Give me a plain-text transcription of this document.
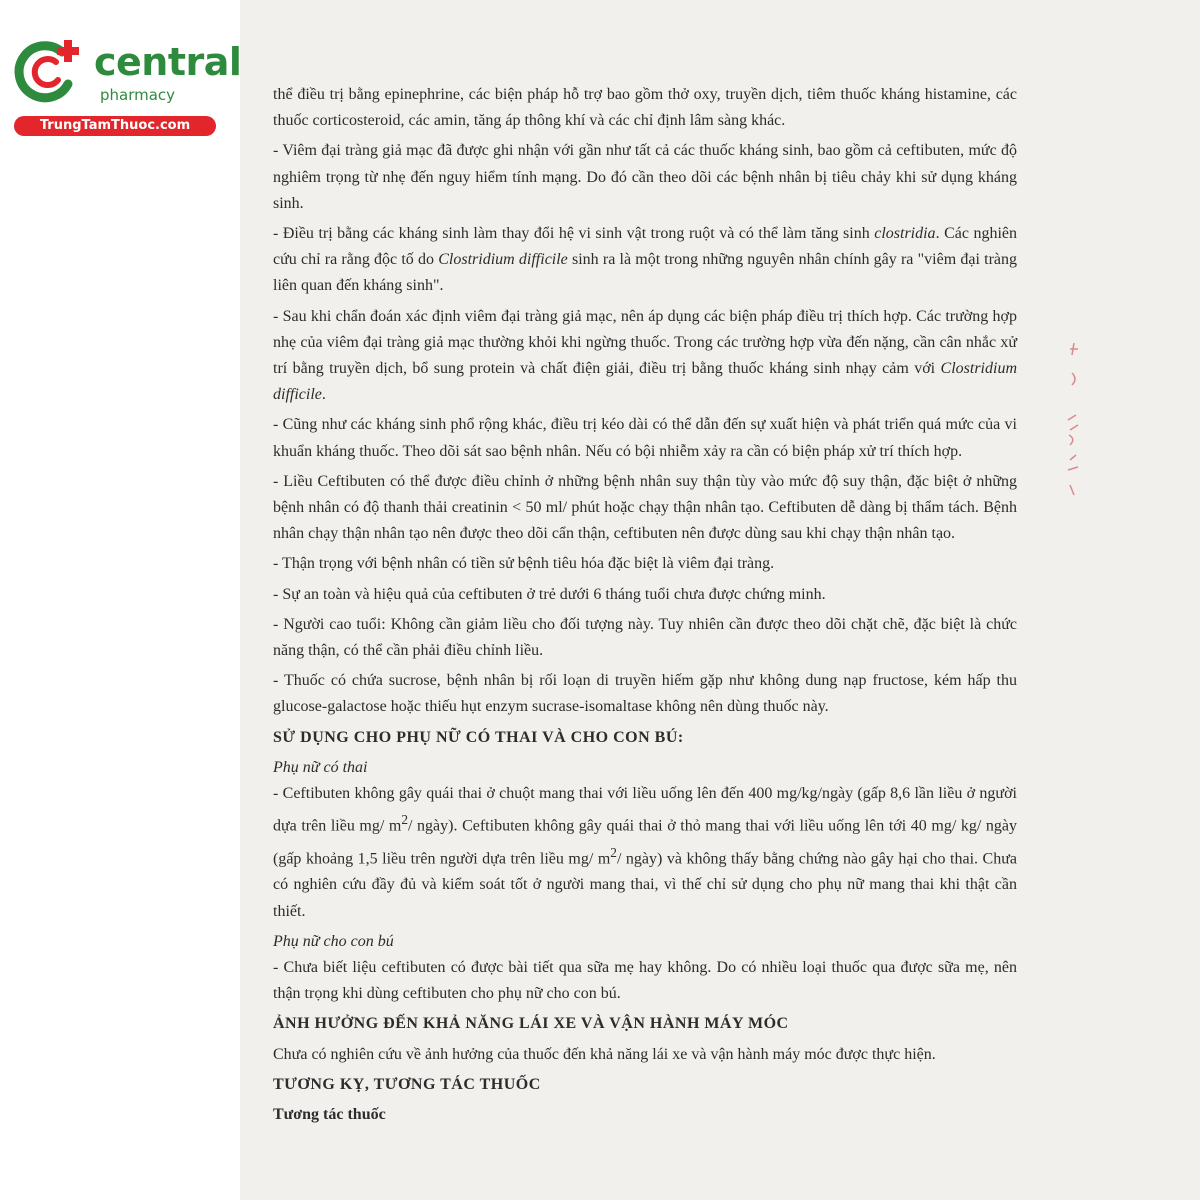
central
pharmacy
TrungTamThuoc.com

thể điều trị bằng epinephrine, các biện pháp hỗ trợ bao gồm thở oxy, truyền dịch, tiêm thuốc kháng histamine, các thuốc corticosteroid, các amin, tăng áp thông khí và các chỉ định lâm sàng khác.

- Viêm đại tràng giả mạc đã được ghi nhận với gần như tất cả các thuốc kháng sinh, bao gồm cả ceftibuten, mức độ nghiêm trọng từ nhẹ đến nguy hiểm tính mạng. Do đó cần theo dõi các bệnh nhân bị tiêu chảy khi sử dụng kháng sinh.

- Điều trị bằng các kháng sinh làm thay đổi hệ vi sinh vật trong ruột và có thể làm tăng sinh clostridia. Các nghiên cứu chỉ ra rằng độc tố do Clostridium difficile sinh ra là một trong những nguyên nhân chính gây ra "viêm đại tràng liên quan đến kháng sinh".

- Sau khi chẩn đoán xác định viêm đại tràng giả mạc, nên áp dụng các biện pháp điều trị thích hợp. Các trường hợp nhẹ của viêm đại tràng giả mạc thường khỏi khi ngừng thuốc. Trong các trường hợp vừa đến nặng, cần cân nhắc xử trí bằng truyền dịch, bổ sung protein và chất điện giải, điều trị bằng thuốc kháng sinh nhạy cảm với Clostridium difficile.

- Cũng như các kháng sinh phổ rộng khác, điều trị kéo dài có thể dẫn đến sự xuất hiện và phát triển quá mức của vi khuẩn kháng thuốc. Theo dõi sát sao bệnh nhân. Nếu có bội nhiễm xảy ra cần có biện pháp xử trí thích hợp.

- Liều Ceftibuten có thể được điều chỉnh ở những bệnh nhân suy thận tùy vào mức độ suy thận, đặc biệt ở những bệnh nhân có độ thanh thải creatinin < 50 ml/ phút hoặc chạy thận nhân tạo. Ceftibuten dễ dàng bị thẩm tách. Bệnh nhân chạy thận nhân tạo nên được theo dõi cẩn thận, ceftibuten nên được dùng sau khi chạy thận nhân tạo.

- Thận trọng với bệnh nhân có tiền sử bệnh tiêu hóa đặc biệt là viêm đại tràng.

- Sự an toàn và hiệu quả của ceftibuten ở trẻ dưới 6 tháng tuổi chưa được chứng minh.

- Người cao tuổi: Không cần giảm liều cho đối tượng này. Tuy nhiên cần được theo dõi chặt chẽ, đặc biệt là chức năng thận, có thể cần phải điều chỉnh liều.

- Thuốc có chứa sucrose, bệnh nhân bị rối loạn di truyền hiếm gặp như không dung nạp fructose, kém hấp thu glucose-galactose hoặc thiếu hụt enzym sucrase-isomaltase không nên dùng thuốc này.

SỬ DỤNG CHO PHỤ NỮ CÓ THAI VÀ CHO CON BÚ:

Phụ nữ có thai

- Ceftibuten không gây quái thai ở chuột mang thai với liều uống lên đến 400 mg/kg/ngày (gấp 8,6 lần liều ở người dựa trên liều mg/ $m^2/$ ngày). Ceftibuten không gây quái thai ở thỏ mang thai với liều uống lên tới 40 mg/ kg/ ngày (gấp khoảng 1,5 liều trên người dựa trên liều mg/ $m^2/$ ngày) và không thấy bằng chứng nào gây hại cho thai. Chưa có nghiên cứu đầy đủ và kiểm soát tốt ở người mang thai, vì thế chỉ sử dụng cho phụ nữ mang thai khi thật cần thiết.

Phụ nữ cho con bú

- Chưa biết liệu ceftibuten có được bài tiết qua sữa mẹ hay không. Do có nhiều loại thuốc qua được sữa mẹ, nên thận trọng khi dùng ceftibuten cho phụ nữ cho con bú.

ẢNH HƯỞNG ĐẾN KHẢ NĂNG LÁI XE VÀ VẬN HÀNH MÁY MÓC

Chưa có nghiên cứu về ảnh hưởng của thuốc đến khả năng lái xe và vận hành máy móc được thực hiện.

TƯƠNG KỴ, TƯƠNG TÁC THUỐC

Tương tác thuốc
